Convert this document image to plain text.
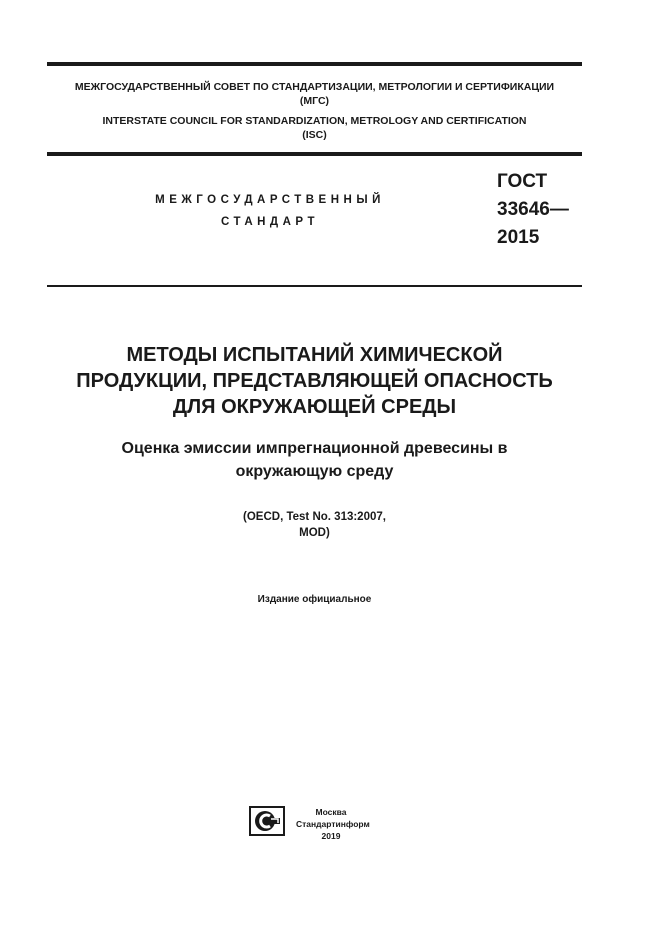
МЕЖГОСУДАРСТВЕННЫЙ СОВЕТ ПО СТАНДАРТИЗАЦИИ, МЕТРОЛОГИИ И СЕРТИФИКАЦИИ
(МГС)
INTERSTATE COUNCIL FOR STANDARDIZATION, METROLOGY AND CERTIFICATION
(ISC)
МЕЖГОСУДАРСТВЕННЫЙ
СТАНДАРТ
ГОСТ
33646—
2015
МЕТОДЫ ИСПЫТАНИЙ ХИМИЧЕСКОЙ
ПРОДУКЦИИ, ПРЕДСТАВЛЯЮЩЕЙ ОПАСНОСТЬ
ДЛЯ ОКРУЖАЮЩЕЙ СРЕДЫ
Оценка эмиссии импрегнационной древесины в
окружающую среду
(OECD, Test No. 313:2007,
MOD)
Издание официальное
Москва
Стандартинформ
2019
